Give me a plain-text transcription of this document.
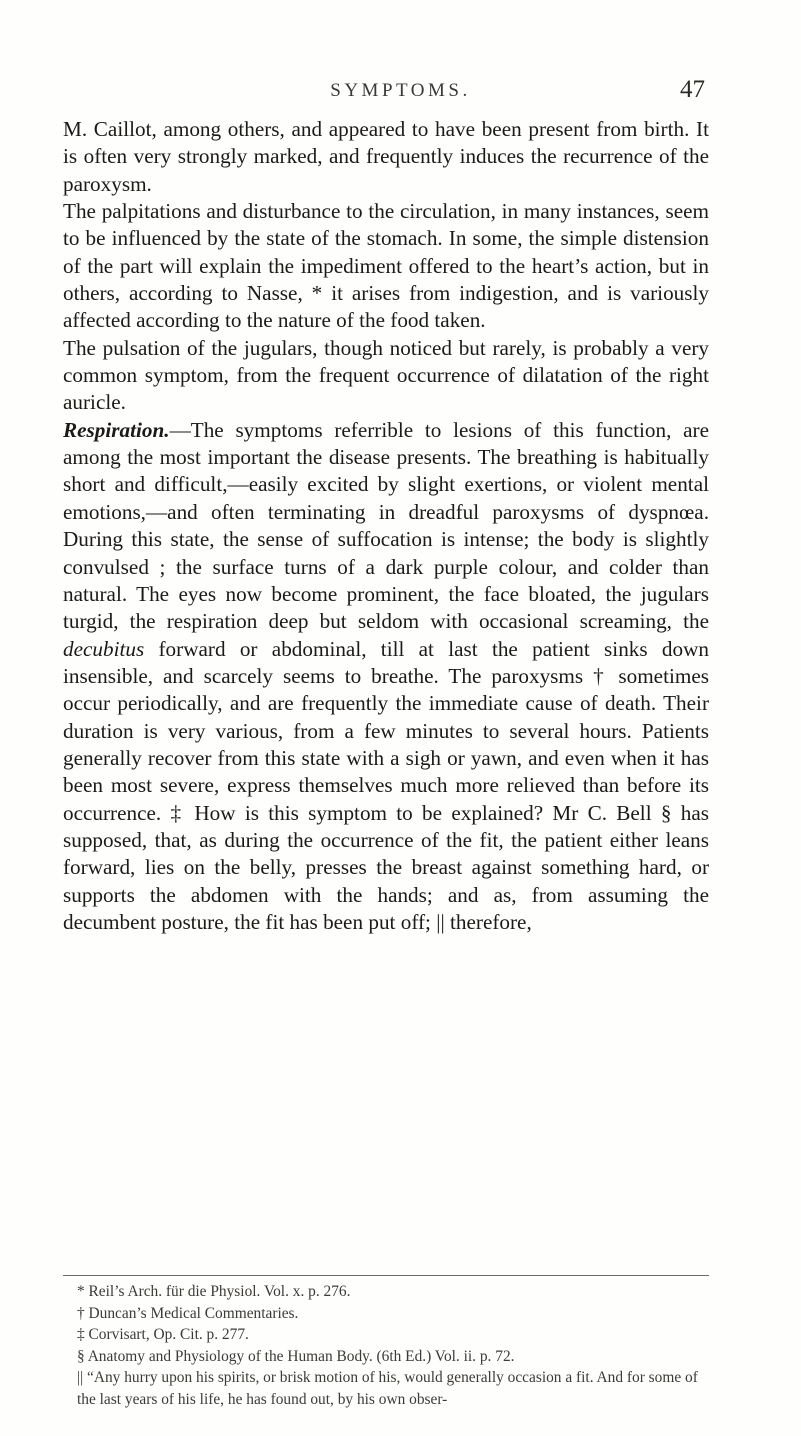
SYMPTOMS.	47

M. Caillot, among others, and appeared to have been present from birth. It is often very strongly marked, and frequently induces the recurrence of the paroxysm.

The palpitations and disturbance to the circulation, in many instances, seem to be influenced by the state of the stomach. In some, the simple distension of the part will explain the impediment offered to the heart’s action, but in others, according to Nasse, * it arises from indigestion, and is variously affected according to the nature of the food taken.

The pulsation of the jugulars, though noticed but rarely, is probably a very common symptom, from the frequent occurrence of dilatation of the right auricle.

Respiration.—The symptoms referrible to lesions of this function, are among the most important the disease presents. The breathing is habitually short and difficult,—easily excited by slight exertions, or violent mental emotions,—and often terminating in dreadful paroxysms of dyspnœa. During this state, the sense of suffocation is intense; the body is slightly convulsed ; the surface turns of a dark purple colour, and colder than natural. The eyes now become prominent, the face bloated, the jugulars turgid, the respiration deep but seldom with occasional screaming, the decubitus forward or abdominal, till at last the patient sinks down insensible, and scarcely seems to breathe. The paroxysms † sometimes occur periodically, and are frequently the immediate cause of death. Their duration is very various, from a few minutes to several hours. Patients generally recover from this state with a sigh or yawn, and even when it has been most severe, express themselves much more relieved than before its occurrence. ‡ How is this symptom to be explained? Mr C. Bell § has supposed, that, as during the occurrence of the fit, the patient either leans forward, lies on the belly, presses the breast against something hard, or supports the abdomen with the hands; and as, from assuming the decumbent posture, the fit has been put off; || therefore,

* Reil’s Arch. für die Physiol. Vol. x. p. 276.

† Duncan’s Medical Commentaries.

‡ Corvisart, Op. Cit. p. 277.

§ Anatomy and Physiology of the Human Body. (6th Ed.) Vol. ii. p. 72.

|| “Any hurry upon his spirits, or brisk motion of his, would generally occasion a fit. And for some of the last years of his life, he has found out, by his own obser-
